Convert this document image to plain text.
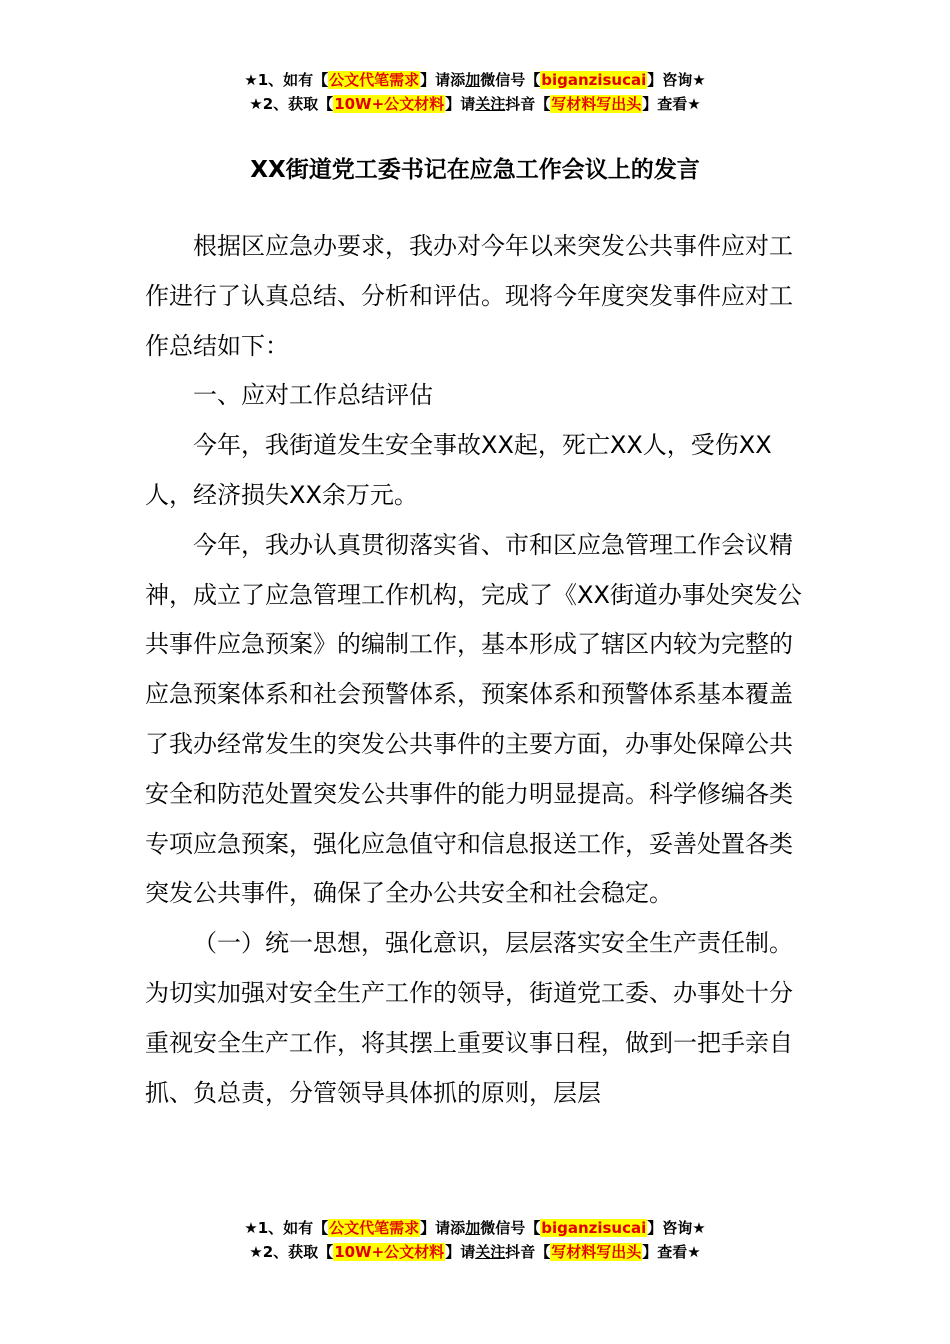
★1、如有【公文代笔需求】请添加微信号【biganzisucai】咨询★
★2、获取【10W+公文材料】请关注抖音【写材料写出头】查看★
XX街道党工委书记在应急工作会议上的发言

根据区应急办要求，我办对今年以来突发公共事件应对工作进行了认真总结、分析和评估。现将今年度突发事件应对工作总结如下：

一、应对工作总结评估

今年，我街道发生安全事故XX起，死亡XX人，受伤XX人，经济损失XX余万元。

今年，我办认真贯彻落实省、市和区应急管理工作会议精神，成立了应急管理工作机构，完成了《XX街道办事处突发公共事件应急预案》的编制工作，基本形成了辖区内较为完整的应急预案体系和社会预警体系，预案体系和预警体系基本覆盖了我办经常发生的突发公共事件的主要方面，办事处保障公共安全和防范处置突发公共事件的能力明显提高。科学修编各类专项应急预案，强化应急值守和信息报送工作，妥善处置各类突发公共事件，确保了全办公共安全和社会稳定。

（一）统一思想，强化意识，层层落实安全生产责任制。为切实加强对安全生产工作的领导，街道党工委、办事处十分重视安全生产工作，将其摆上重要议事日程，做到一把手亲自抓、负总责，分管领导具体抓的原则，层层

★1、如有【公文代笔需求】请添加微信号【biganzisucai】咨询★
★2、获取【10W+公文材料】请关注抖音【写材料写出头】查看★
